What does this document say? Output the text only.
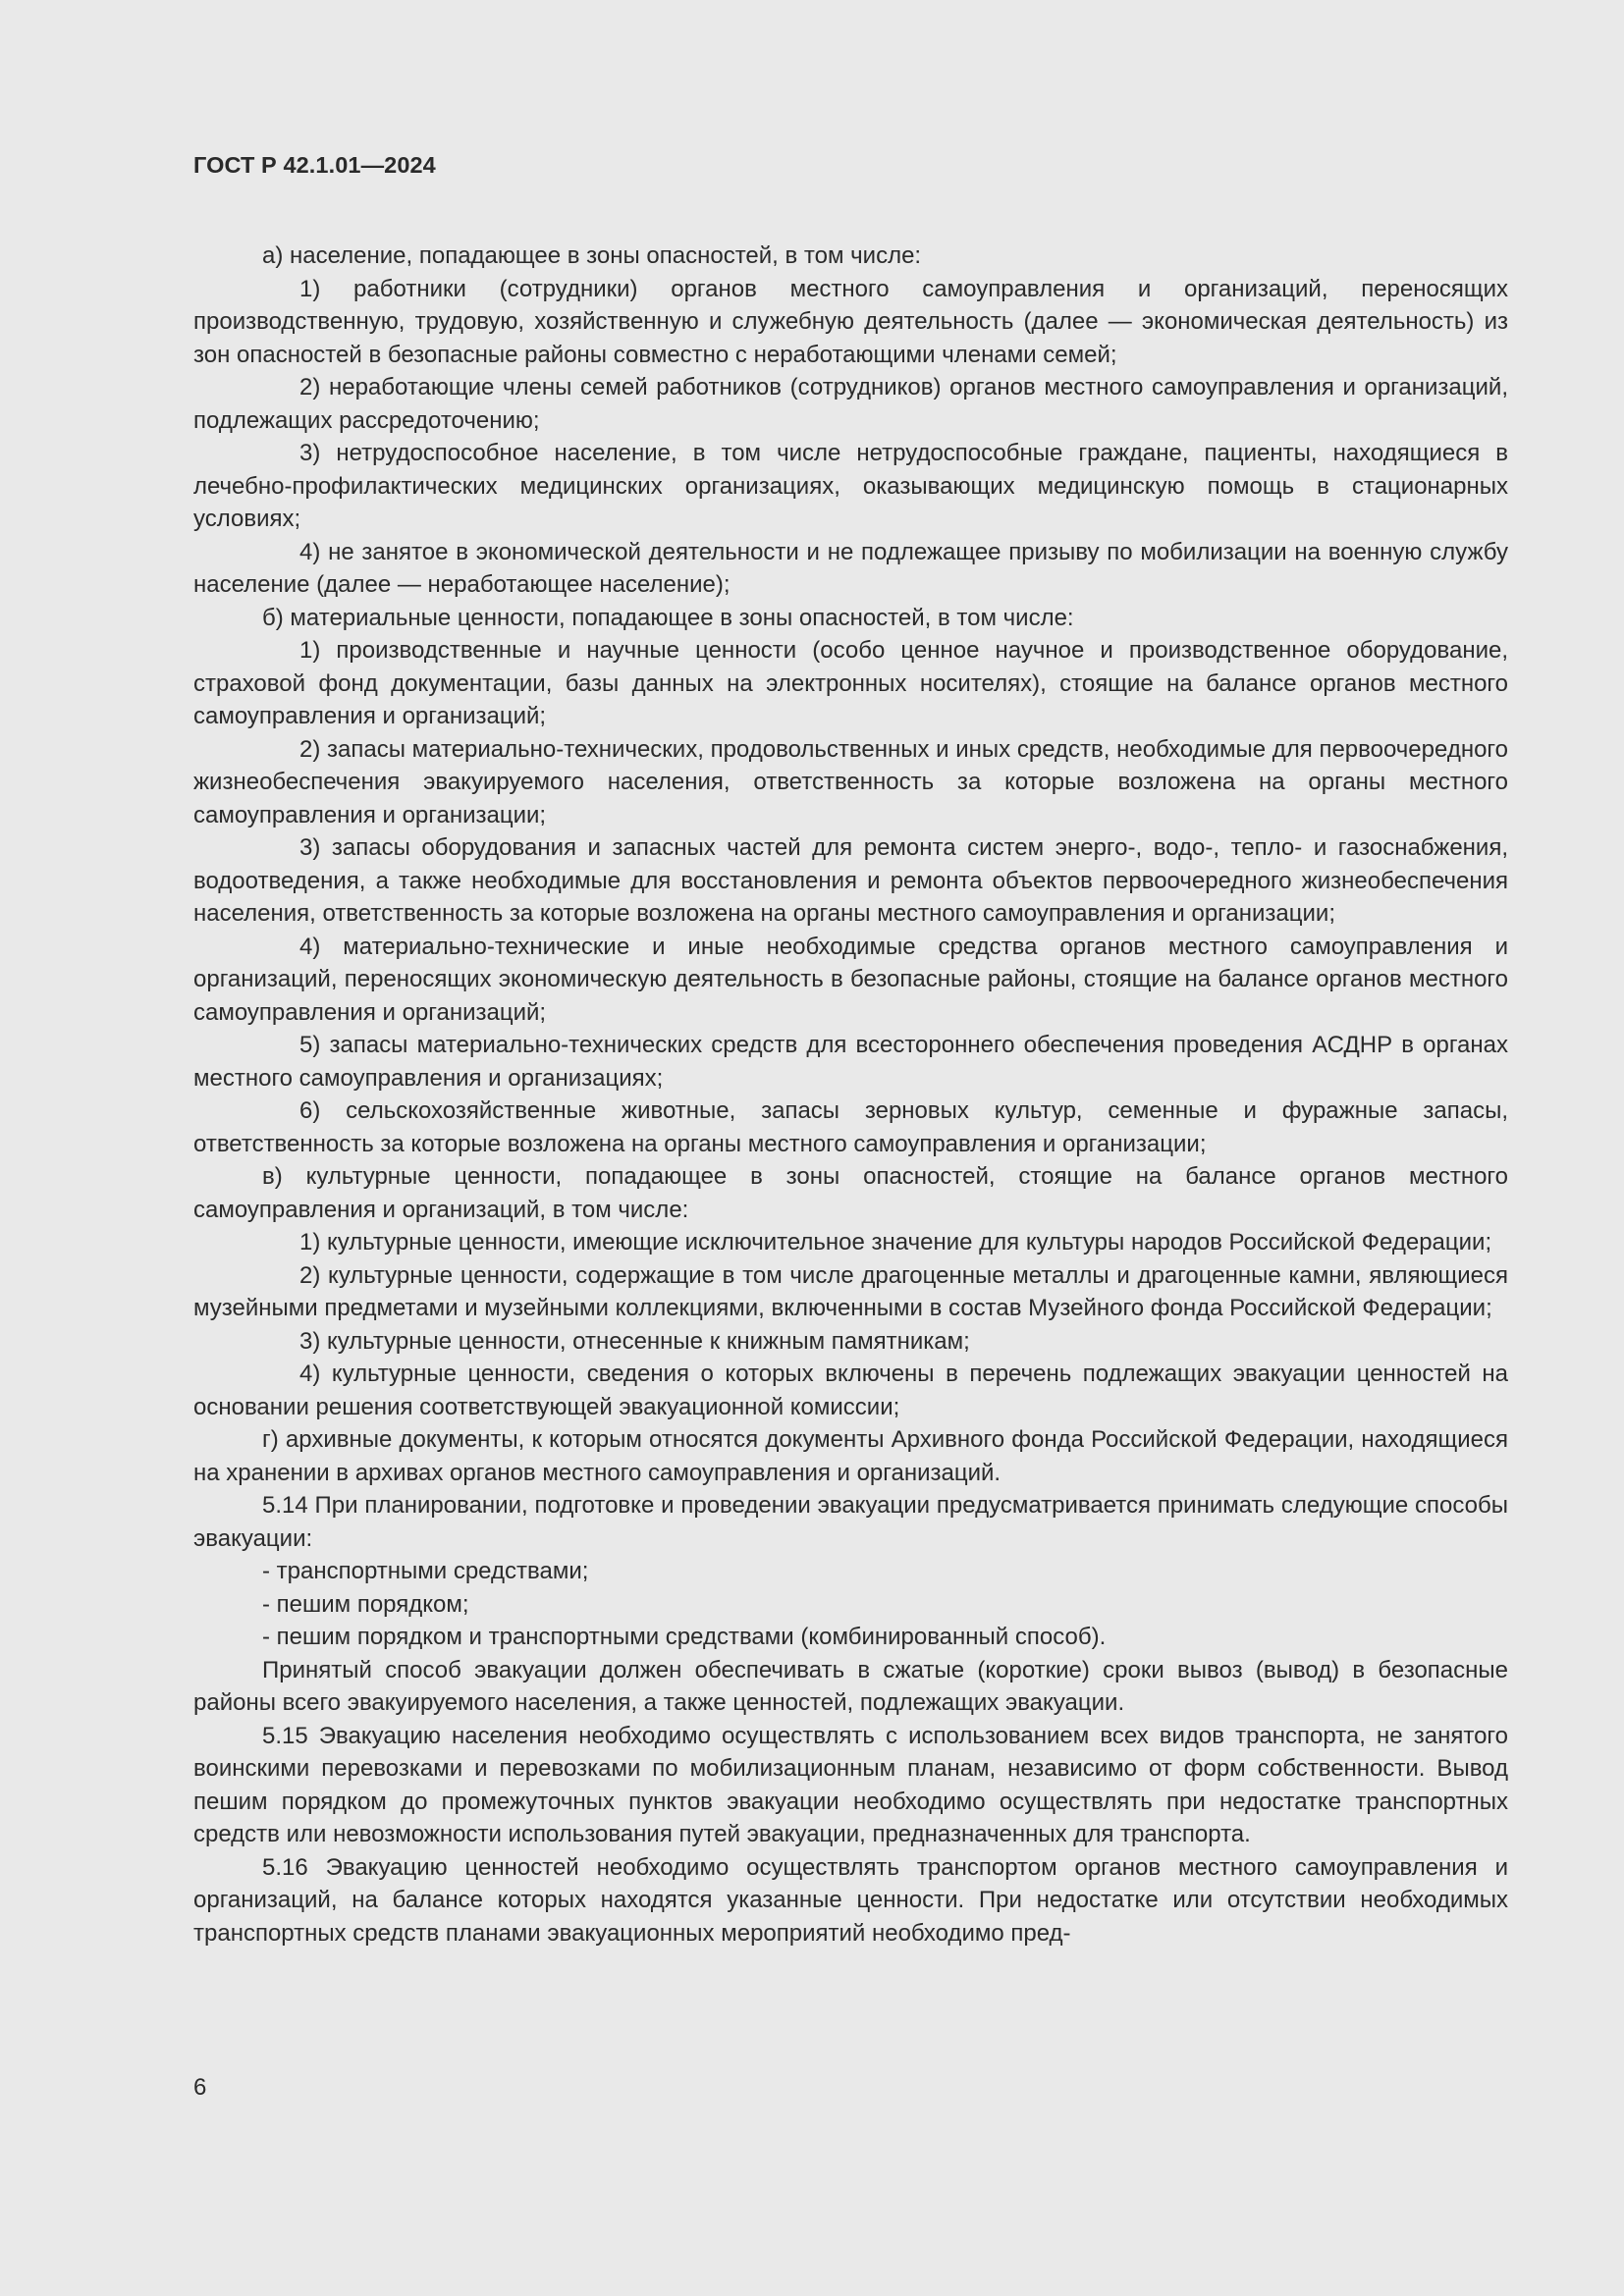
ГОСТ Р 42.1.01—2024

а) население, попадающее в зоны опасностей, в том числе:

1) работники (сотрудники) органов местного самоуправления и организаций, переносящих производственную, трудовую, хозяйственную и служебную деятельность (далее — экономическая деятельность) из зон опасностей в безопасные районы совместно с неработающими членами семей;

2) неработающие члены семей работников (сотрудников) органов местного самоуправления и организаций, подлежащих рассредоточению;

3) нетрудоспособное население, в том числе нетрудоспособные граждане, пациенты, находящиеся в лечебно-профилактических медицинских организациях, оказывающих медицинскую помощь в стационарных условиях;

4) не занятое в экономической деятельности и не подлежащее призыву по мобилизации на военную службу население (далее — неработающее население);

б) материальные ценности, попадающее в зоны опасностей, в том числе:

1) производственные и научные ценности (особо ценное научное и производственное оборудование, страховой фонд документации, базы данных на электронных носителях), стоящие на балансе органов местного самоуправления и организаций;

2) запасы материально-технических, продовольственных и иных средств, необходимые для первоочередного жизнеобеспечения эвакуируемого населения, ответственность за которые возложена на органы местного самоуправления и организации;

3) запасы оборудования и запасных частей для ремонта систем энерго-, водо-, тепло- и газоснабжения, водоотведения, а также необходимые для восстановления и ремонта объектов первоочередного жизнеобеспечения населения, ответственность за которые возложена на органы местного самоуправления и организации;

4) материально-технические и иные необходимые средства органов местного самоуправления и организаций, переносящих экономическую деятельность в безопасные районы, стоящие на балансе органов местного самоуправления и организаций;

5) запасы материально-технических средств для всестороннего обеспечения проведения АСДНР в органах местного самоуправления и организациях;

6) сельскохозяйственные животные, запасы зерновых культур, семенные и фуражные запасы, ответственность за которые возложена на органы местного самоуправления и организации;

в) культурные ценности, попадающее в зоны опасностей, стоящие на балансе органов местного самоуправления и организаций, в том числе:

1) культурные ценности, имеющие исключительное значение для культуры народов Российской Федерации;

2) культурные ценности, содержащие в том числе драгоценные металлы и драгоценные камни, являющиеся музейными предметами и музейными коллекциями, включенными в состав Музейного фонда Российской Федерации;

3) культурные ценности, отнесенные к книжным памятникам;

4) культурные ценности, сведения о которых включены в перечень подлежащих эвакуации ценностей на основании решения соответствующей эвакуационной комиссии;

г) архивные документы, к которым относятся документы Архивного фонда Российской Федерации, находящиеся на хранении в архивах органов местного самоуправления и организаций.

5.14 При планировании, подготовке и проведении эвакуации предусматривается принимать следующие способы эвакуации:

- транспортными средствами;

- пешим порядком;

- пешим порядком и транспортными средствами (комбинированный способ).

Принятый способ эвакуации должен обеспечивать в сжатые (короткие) сроки вывоз (вывод) в безопасные районы всего эвакуируемого населения, а также ценностей, подлежащих эвакуации.

5.15 Эвакуацию населения необходимо осуществлять с использованием всех видов транспорта, не занятого воинскими перевозками и перевозками по мобилизационным планам, независимо от форм собственности. Вывод пешим порядком до промежуточных пунктов эвакуации необходимо осуществлять при недостатке транспортных средств или невозможности использования путей эвакуации, предназначенных для транспорта.

5.16 Эвакуацию ценностей необходимо осуществлять транспортом органов местного самоуправления и организаций, на балансе которых находятся указанные ценности. При недостатке или отсутствии необходимых транспортных средств планами эвакуационных мероприятий необходимо пред-

6
